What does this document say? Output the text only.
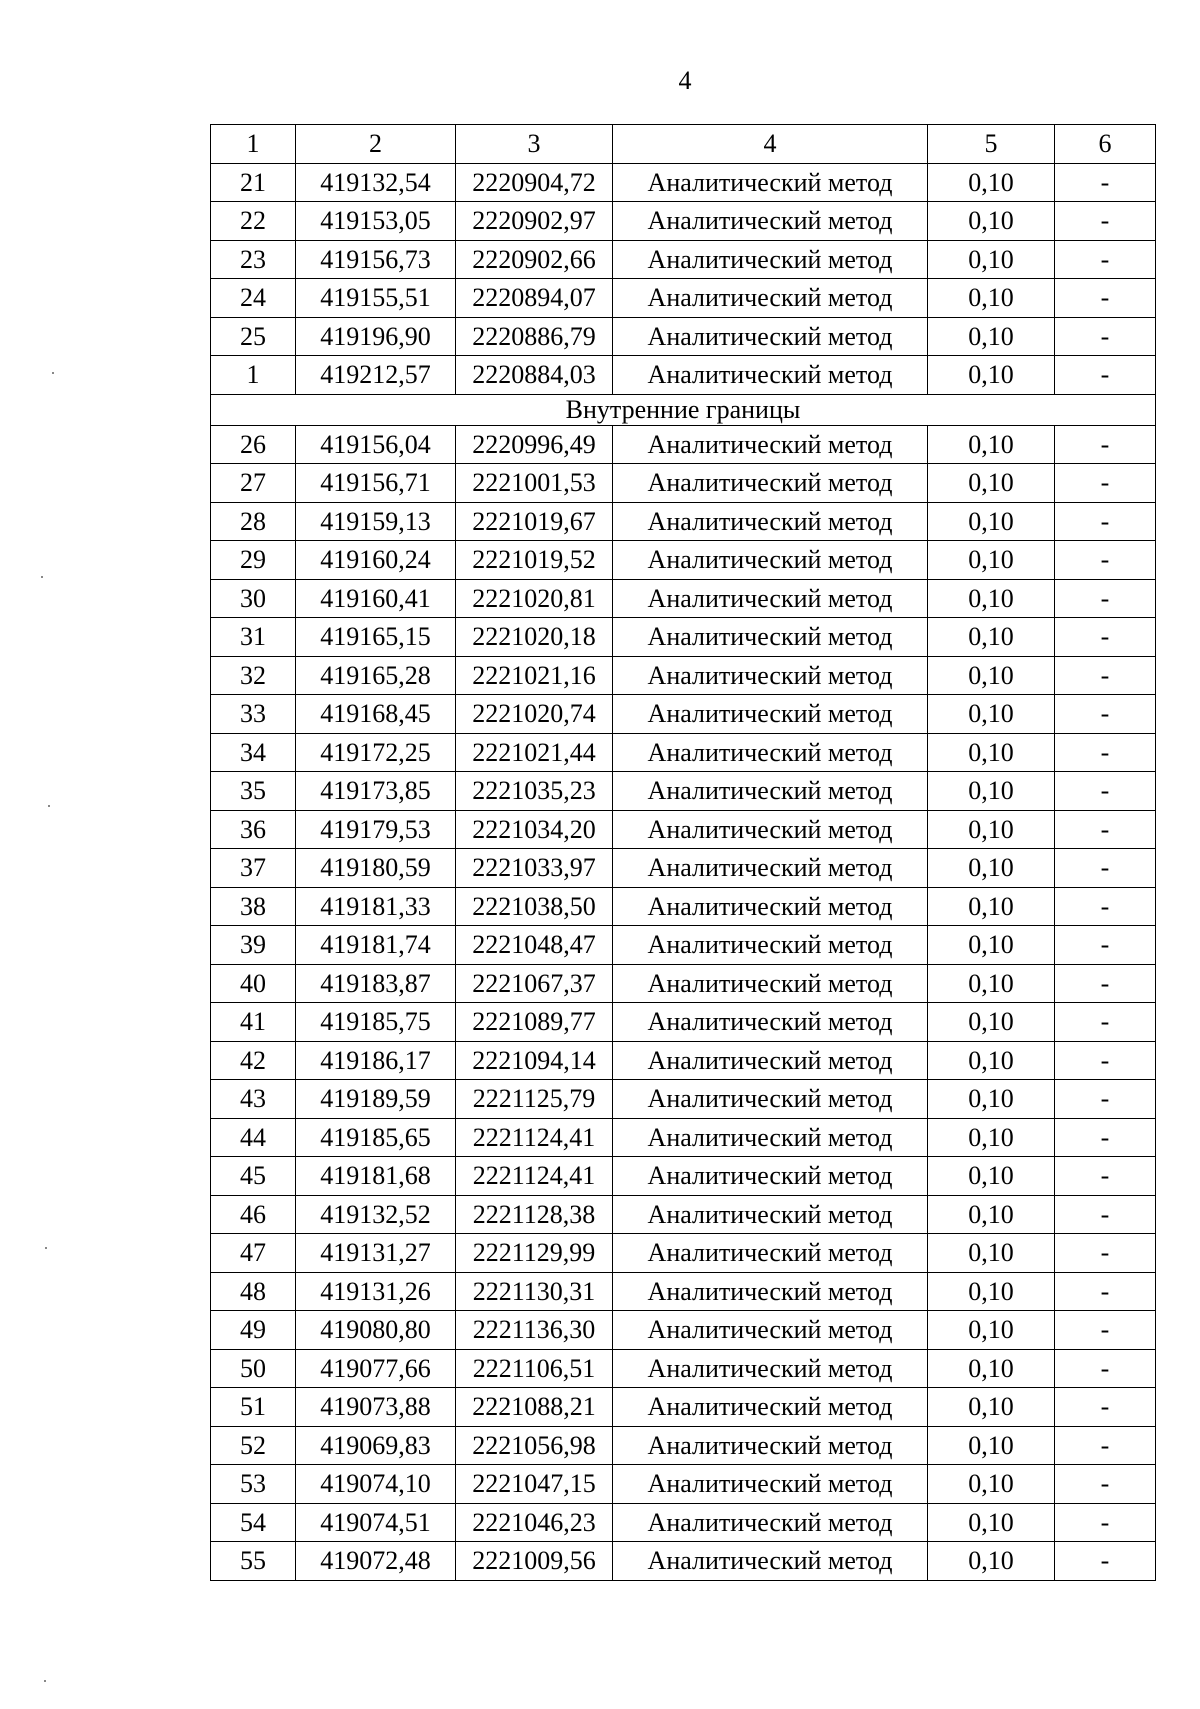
4
1	2	3	4	5	6
21	419132,54	2220904,72	Аналитический метод	0,10	-
22	419153,05	2220902,97	Аналитический метод	0,10	-
23	419156,73	2220902,66	Аналитический метод	0,10	-
24	419155,51	2220894,07	Аналитический метод	0,10	-
25	419196,90	2220886,79	Аналитический метод	0,10	-
1	419212,57	2220884,03	Аналитический метод	0,10	-
Внутренние границы					
26	419156,04	2220996,49	Аналитический метод	0,10	-
27	419156,71	2221001,53	Аналитический метод	0,10	-
28	419159,13	2221019,67	Аналитический метод	0,10	-
29	419160,24	2221019,52	Аналитический метод	0,10	-
30	419160,41	2221020,81	Аналитический метод	0,10	-
31	419165,15	2221020,18	Аналитический метод	0,10	-
32	419165,28	2221021,16	Аналитический метод	0,10	-
33	419168,45	2221020,74	Аналитический метод	0,10	-
34	419172,25	2221021,44	Аналитический метод	0,10	-
35	419173,85	2221035,23	Аналитический метод	0,10	-
36	419179,53	2221034,20	Аналитический метод	0,10	-
37	419180,59	2221033,97	Аналитический метод	0,10	-
38	419181,33	2221038,50	Аналитический метод	0,10	-
39	419181,74	2221048,47	Аналитический метод	0,10	-
40	419183,87	2221067,37	Аналитический метод	0,10	-
41	419185,75	2221089,77	Аналитический метод	0,10	-
42	419186,17	2221094,14	Аналитический метод	0,10	-
43	419189,59	2221125,79	Аналитический метод	0,10	-
44	419185,65	2221124,41	Аналитический метод	0,10	-
45	419181,68	2221124,41	Аналитический метод	0,10	-
46	419132,52	2221128,38	Аналитический метод	0,10	-
47	419131,27	2221129,99	Аналитический метод	0,10	-
48	419131,26	2221130,31	Аналитический метод	0,10	-
49	419080,80	2221136,30	Аналитический метод	0,10	-
50	419077,66	2221106,51	Аналитический метод	0,10	-
51	419073,88	2221088,21	Аналитический метод	0,10	-
52	419069,83	2221056,98	Аналитический метод	0,10	-
53	419074,10	2221047,15	Аналитический метод	0,10	-
54	419074,51	2221046,23	Аналитический метод	0,10	-
55	419072,48	2221009,56	Аналитический метод	0,10	-
